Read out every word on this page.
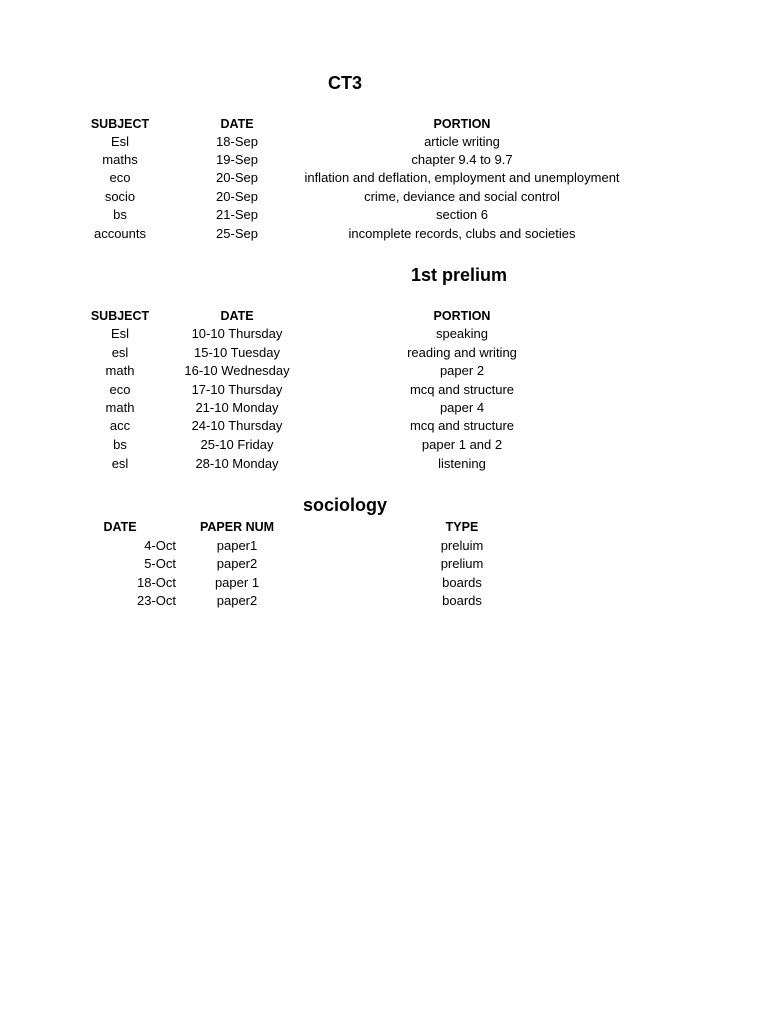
CT3
SUBJECT	DATE	PORTION
Esl	18-Sep	article writing
maths	19-Sep	chapter 9.4 to 9.7
eco	20-Sep	inflation and deflation, employment and unemployment
socio	20-Sep	crime, deviance and social control
bs	21-Sep	section 6
accounts	25-Sep	incomplete records, clubs and societies
1st prelium
SUBJECT	DATE	PORTION
Esl	10-10 Thursday	speaking
esl	15-10 Tuesday	reading and writing
math	16-10 Wednesday	paper 2
eco	17-10 Thursday	mcq and structure
math	21-10 Monday	paper 4
acc	24-10 Thursday	mcq and structure
bs	25-10 Friday	paper 1 and 2
esl	28-10 Monday	listening
sociology
DATE	PAPER NUM	TYPE
4-Oct	paper1	preluim
5-Oct	paper2	prelium
18-Oct	paper 1	boards
23-Oct	paper2	boards
